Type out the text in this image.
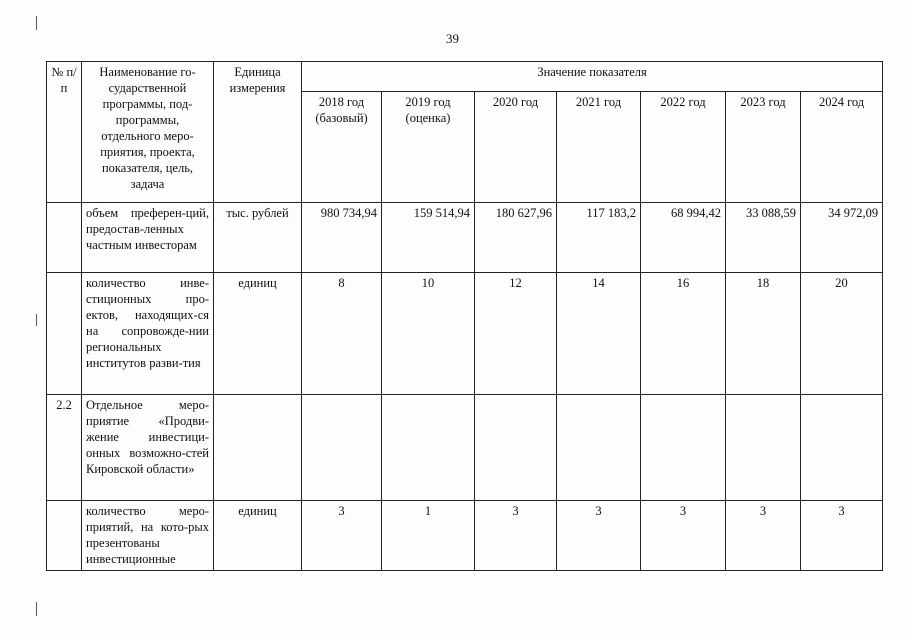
39
№ п/п	Наименование го-сударственной программы, под-программы, отдельного меро-приятия, проекта, показателя, цель, задача	Единица измерения	Значение показателя						
			2018 год (базовый)	2019 год (оценка)	2020 год	2021 год	2022 год	2023 год	2024 год
	объем преферен-ций, предостав-ленных частным инвесторам	тыс. рублей	980 734,94	159 514,94	180 627,96	117 183,2	68 994,42	33 088,59	34 972,09
	количество инве-стиционных про-ектов, находящих-ся на сопровожде-нии региональных институтов разви-тия	единиц	8	10	12	14	16	18	20
2.2	Отдельное меро-приятие «Продви-жение инвестици-онных возможно-стей Кировской области»								
	количество меро-приятий, на кото-рых презентованы инвестиционные	единиц	3	1	3	3	3	3	3
